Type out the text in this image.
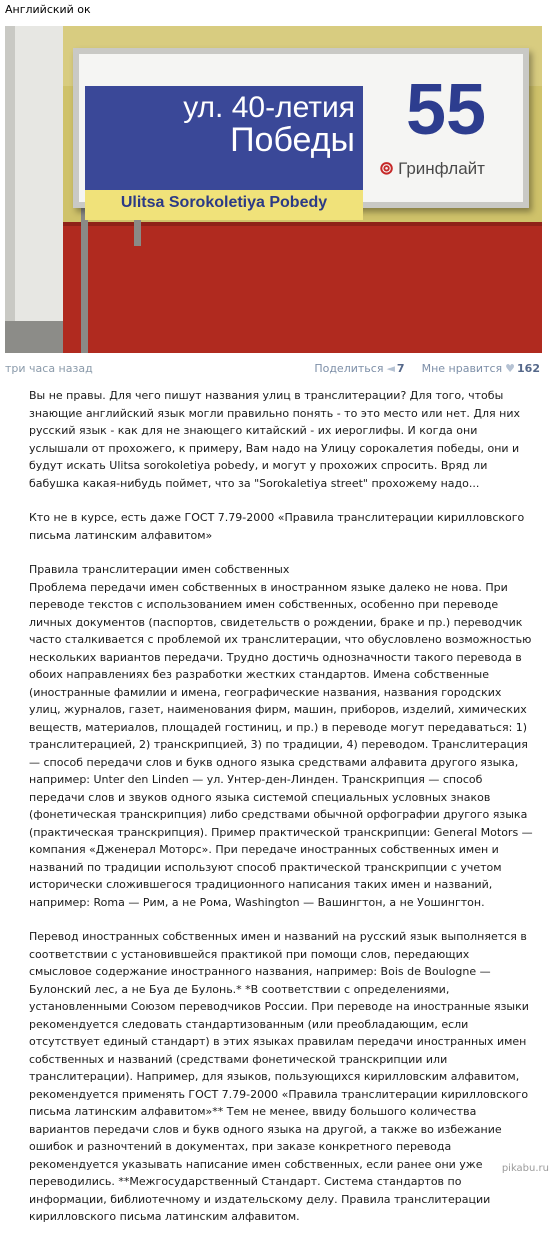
Английский ок
ул. 40-летия
Победы
Ulitsa Sorokoletiya Pobedy
55
⊚ Гринфлайт
три часа назад	Поделиться ◄ 7 Мне нравится ♥ 162

Вы не правы. Для чего пишут названия улиц в транслитерации? Для того, чтобы знающие английский язык могли правильно понять - то это место или нет. Для них русский язык - как для не знающего китайский - их иероглифы. И когда они услышали от прохожего, к примеру, Вам надо на Улицу сорокалетия победы, они и будут искать Ulitsa sorokoletiya pobedy, и могут у прохожих спросить. Вряд ли бабушка какая-нибудь поймет, что за "Sorokaletiya street" прохожему надо...

Кто не в курсе, есть даже ГОСТ 7.79-2000 «Правила транслитерации кирилловского письма латинским алфавитом»

Правила транслитерации имен собственных
Проблема передачи имен собственных в иностранном языке далеко не нова. При переводе текстов с использованием имен собственных, особенно при переводе личных документов (паспортов, свидетельств о рождении, браке и пр.) переводчик часто сталкивается с проблемой их транслитерации, что обусловлено возможностью нескольких вариантов передачи. Трудно достичь однозначности такого перевода в обоих направлениях без разработки жестких стандартов. Имена собственные (иностранные фамилии и имена, географические названия, названия городских улиц, журналов, газет, наименования фирм, машин, приборов, изделий, химических веществ, материалов, площадей гостиниц, и пр.) в переводе могут передаваться: 1) транслитерацией, 2) транскрипцией, 3) по традиции, 4) переводом. Транслитерация — способ передачи слов и букв одного языка средствами алфавита другого языка, например: Unter den Linden — ул. Унтер-ден-Линден. Транскрипция — способ передачи слов и звуков одного языка системой специальных условных знаков (фонетическая транскрипция) либо средствами обычной орфографии другого языка (практическая транскрипция). Пример практической транскрипции: General Motors — компания «Дженерал Моторс». При передаче иностранных собственных имен и названий по традиции используют способ практической транскрипции с учетом исторически сложившегося традиционного написания таких имен и названий, например: Roma — Рим, а не Рома, Washington — Вашингтон, а не Уошингтон.

Перевод иностранных собственных имен и названий на русский язык выполняется в соответствии с установившейся практикой при помощи слов, передающих смысловое содержание иностранного названия, например: Bois de Boulogne — Булонский лес, а не Буа де Булонь.* *В соответствии с определениями, установленными Союзом переводчиков России. При переводе на иностранные языки рекомендуется следовать стандартизованным (или преобладающим, если отсутствует единый стандарт) в этих языках правилам передачи иностранных имен собственных и названий (средствами фонетической транскрипции или транслитерации). Например, для языков, пользующихся кирилловским алфавитом, рекомендуется применять ГОСТ 7.79-2000 «Правила транслитерации кирилловского письма латинским алфавитом»** Тем не менее, ввиду большого количества вариантов передачи слов и букв одного языка на другой, а также во избежание ошибок и разночтений в документах, при заказе конкретного перевода рекомендуется указывать написание имен собственных, если ранее они уже переводились. **Межгосударственный Стандарт. Система стандартов по информации, библиотечному и издательскому делу. Правила транслитерации кирилловского письма латинским алфавитом.

pikabu.ru
